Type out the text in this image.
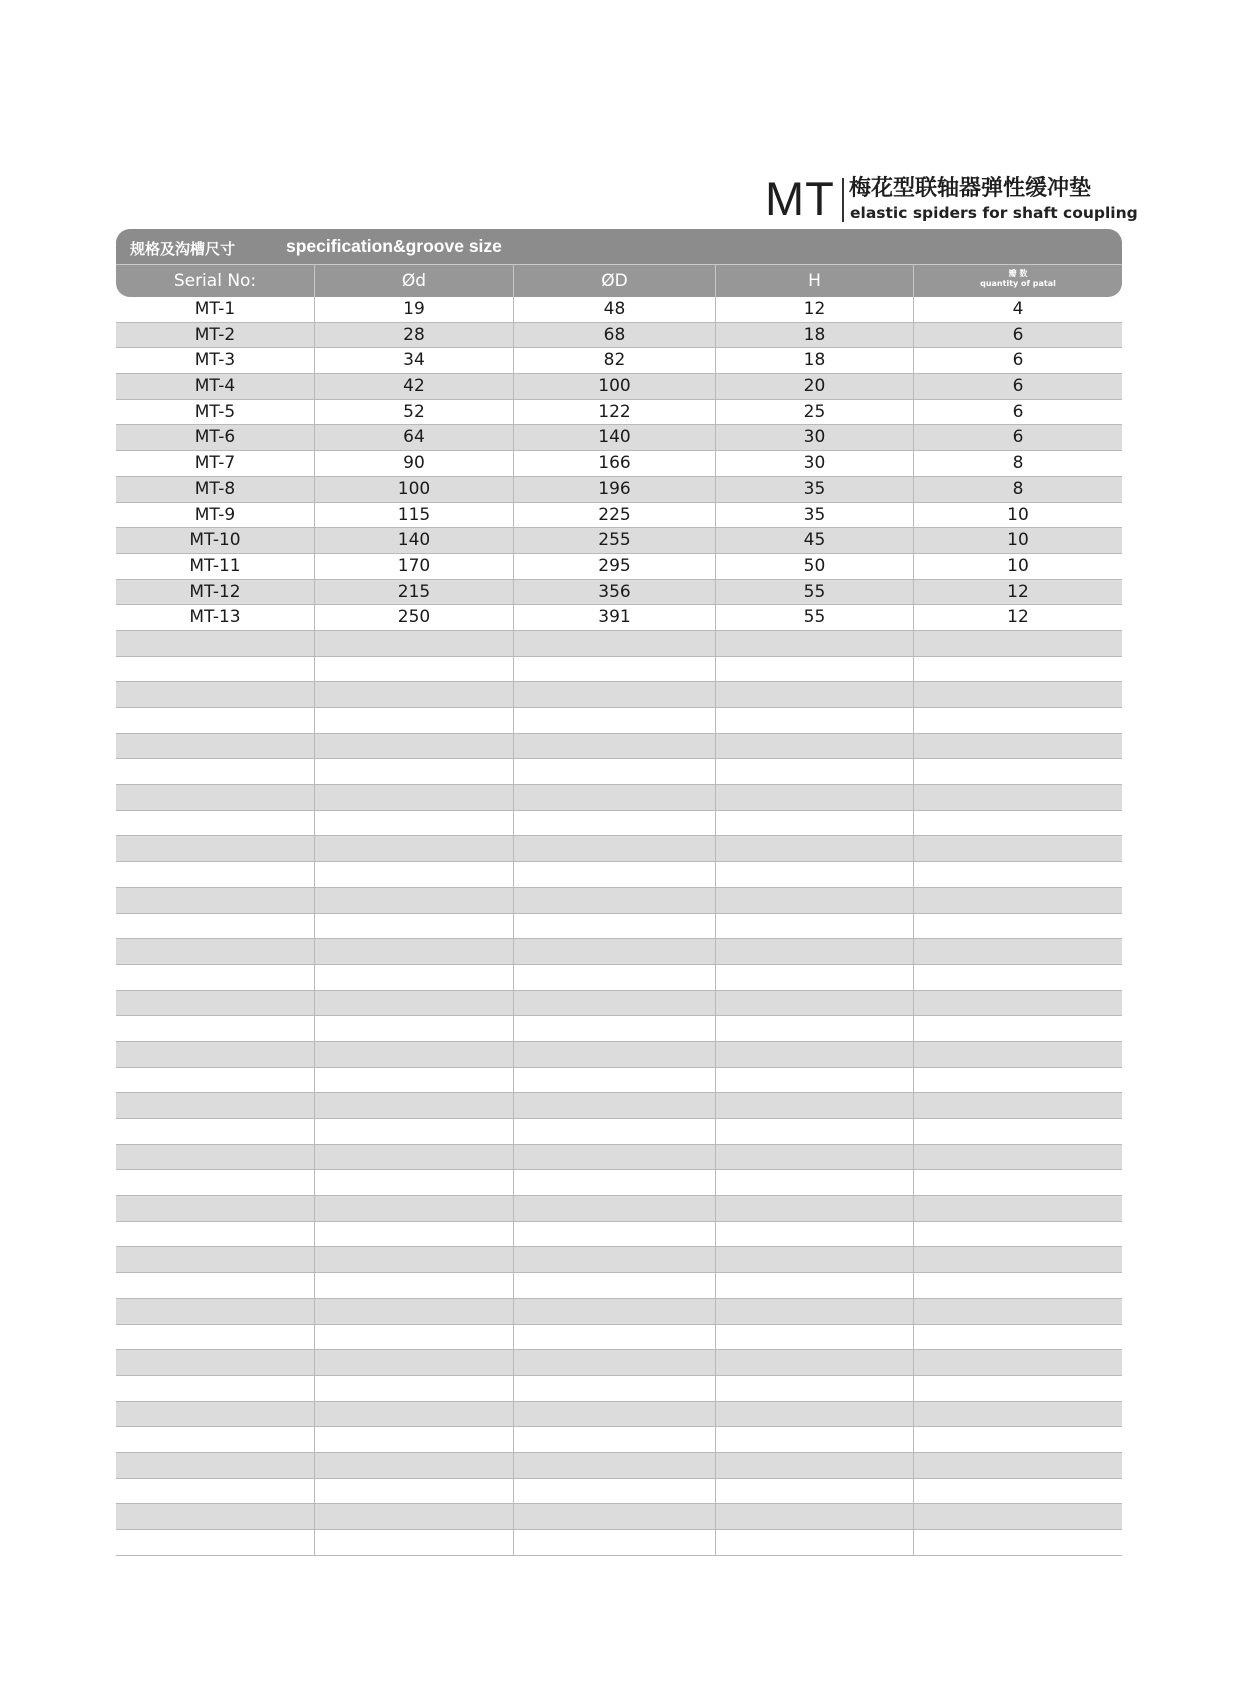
MT 梅花型联轴器弹性缓冲垫
elastic spiders for shaft coupling
规格及沟槽尺寸	specification&groove size
Serial No:	Ød	ØD	H	瓣 数
quantity of patal
MT-1	19	48	12	4
MT-2	28	68	18	6
MT-3	34	82	18	6
MT-4	42	100	20	6
MT-5	52	122	25	6
MT-6	64	140	30	6
MT-7	90	166	30	8
MT-8	100	196	35	8
MT-9	115	225	35	10
MT-10	140	255	45	10
MT-11	170	295	50	10
MT-12	215	356	55	12
MT-13	250	391	55	12
